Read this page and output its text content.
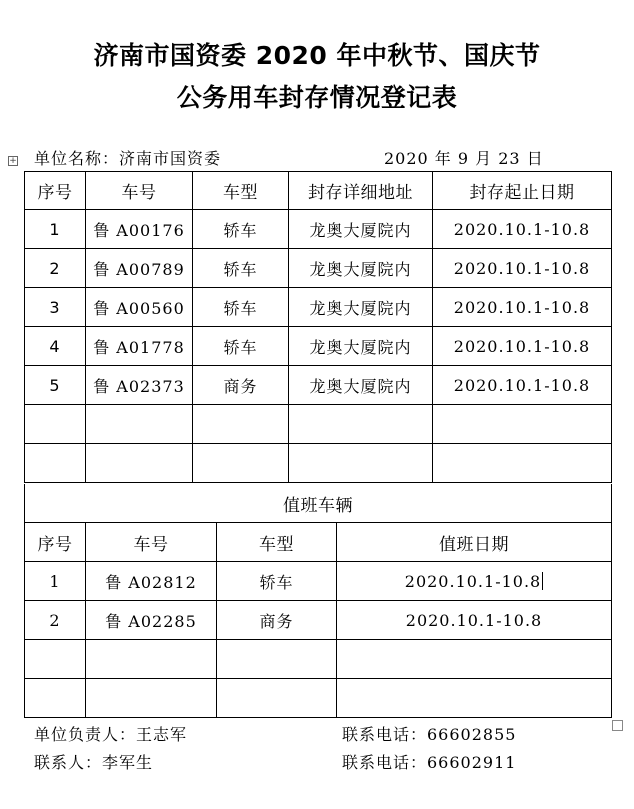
济南市国资委 2020 年中秋节、国庆节
公务用车封存情况登记表
+ 单位名称：济南市国资委	2020 年 9 月 23 日
序号	车号	车型	封存详细地址	封存起止日期
1	鲁 A00176	轿车	龙奥大厦院内	2020.10.1-10.8
2	鲁 A00789	轿车	龙奥大厦院内	2020.10.1-10.8
3	鲁 A00560	轿车	龙奥大厦院内	2020.10.1-10.8
4	鲁 A01778	轿车	龙奥大厦院内	2020.10.1-10.8
5	鲁 A02373	商务	龙奥大厦院内	2020.10.1-10.8

值班车辆			
序号	车号	车型	值班日期
1	鲁 A02812	轿车	2020.10.1-10.8
2	鲁 A02285	商务	2020.10.1-10.8

单位负责人：王志军	联系电话：66602855
联系人：李军生	联系电话：66602911
